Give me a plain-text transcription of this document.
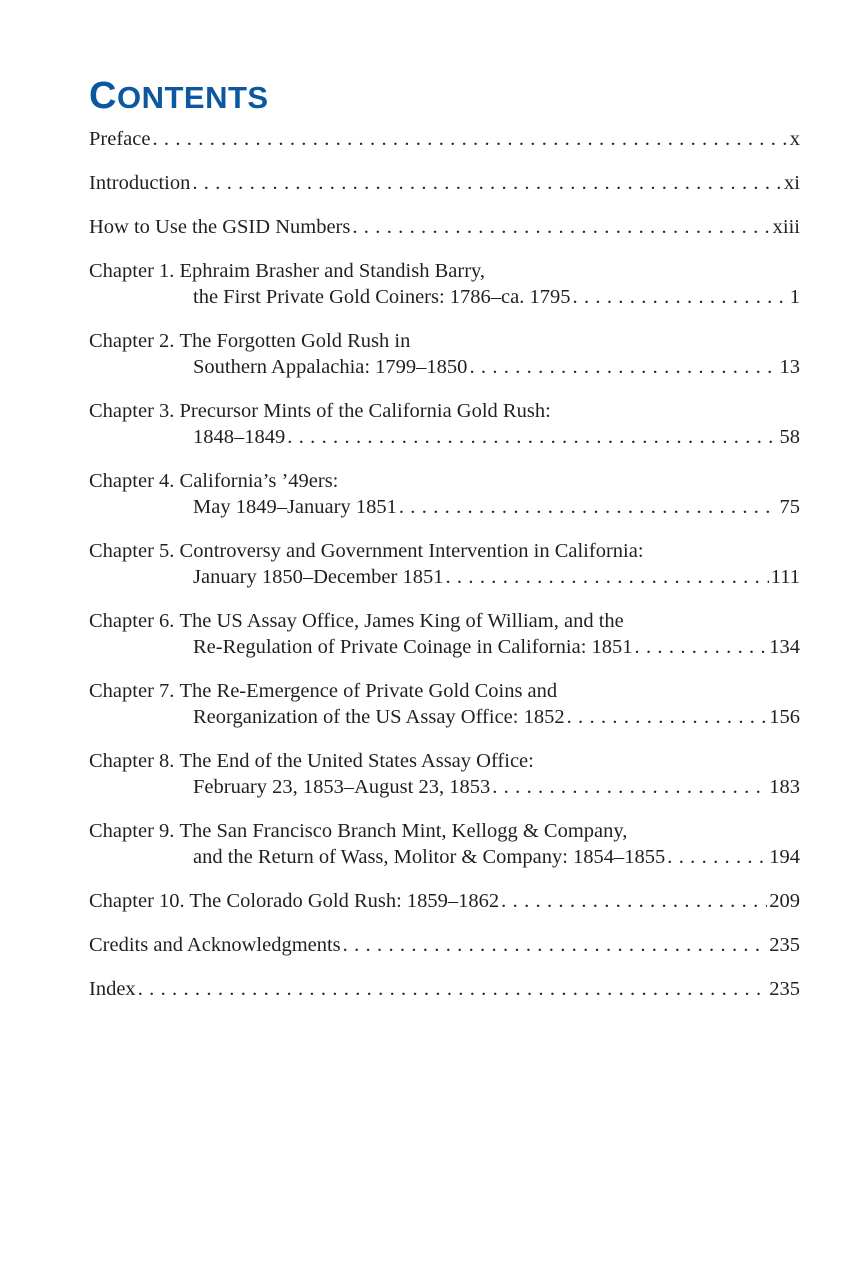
CONTENTS
Preface . . .	x
Introduction . . .	xi
How to Use the GSID Numbers . . .	xiii
Chapter 1. Ephraim Brasher and Standish Barry,
the First Private Gold Coiners: 1786–ca. 1795 . . .	1
Chapter 2. The Forgotten Gold Rush in
Southern Appalachia: 1799–1850 . . .	13
Chapter 3. Precursor Mints of the California Gold Rush:
1848–1849 . . .	58
Chapter 4. California’s ’49ers:
May 1849–January 1851 . . .	75
Chapter 5. Controversy and Government Intervention in California:
January 1850–December 1851 . . .	111
Chapter 6. The US Assay Office, James King of William, and the
Re-Regulation of Private Coinage in California: 1851 . . .	134
Chapter 7. The Re-Emergence of Private Gold Coins and
Reorganization of the US Assay Office: 1852 . . .	156
Chapter 8. The End of the United States Assay Office:
February 23, 1853–August 23, 1853 . . .	183
Chapter 9. The San Francisco Branch Mint, Kellogg & Company,
and the Return of Wass, Molitor & Company: 1854–1855 . . .	194
Chapter 10. The Colorado Gold Rush: 1859–1862 . . .	209
Credits and Acknowledgments . . .	235
Index . . .	235
